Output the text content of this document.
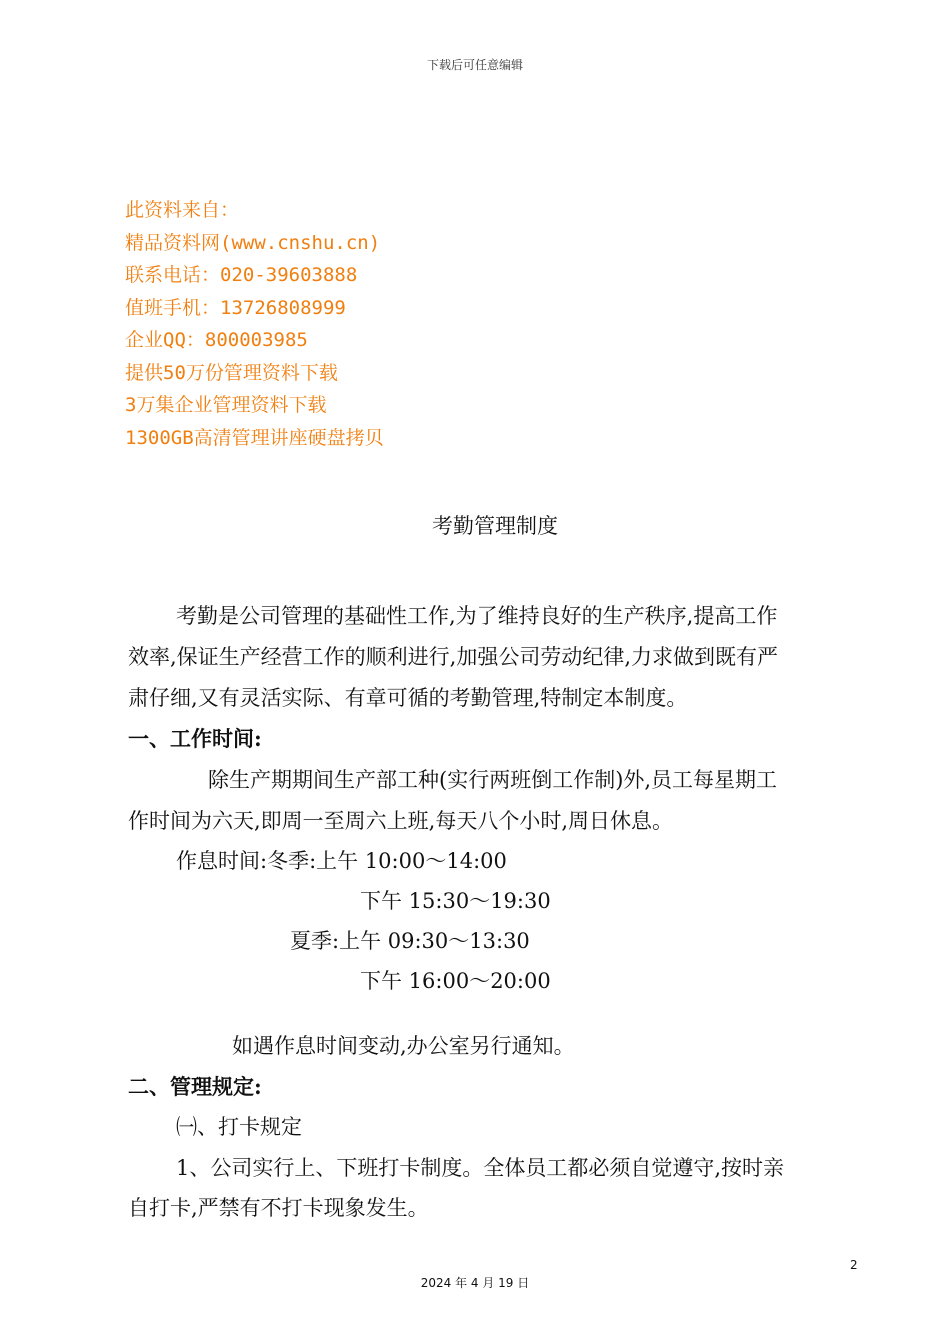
下载后可任意编辑
此资料来自：
精品资料网(www.cnshu.cn)
联系电话：020-39603888
值班手机：13726808999
企业QQ：800003985
提供50万份管理资料下载
3万集企业管理资料下载
1300GB高清管理讲座硬盘拷贝
考勤管理制度
考勤是公司管理的基础性工作,为了维持良好的生产秩序,提高工作
效率,保证生产经营工作的顺利进行,加强公司劳动纪律,力求做到既有严
肃仔细,又有灵活实际、有章可循的考勤管理,特制定本制度。
一、工作时间:
除生产期期间生产部工种(实行两班倒工作制)外,员工每星期工
作时间为六天,即周一至周六上班,每天八个小时,周日休息。
作息时间:冬季:上午 10:00～14:00
下午 15:30～19:30
夏季:上午 09:30～13:30
下午 16:00～20:00
如遇作息时间变动,办公室另行通知。
二、管理规定:
㈠、打卡规定
1、公司实行上、下班打卡制度。全体员工都必须自觉遵守,按时亲
自打卡,严禁有不打卡现象发生。
2
2024 年 4 月 19 日
